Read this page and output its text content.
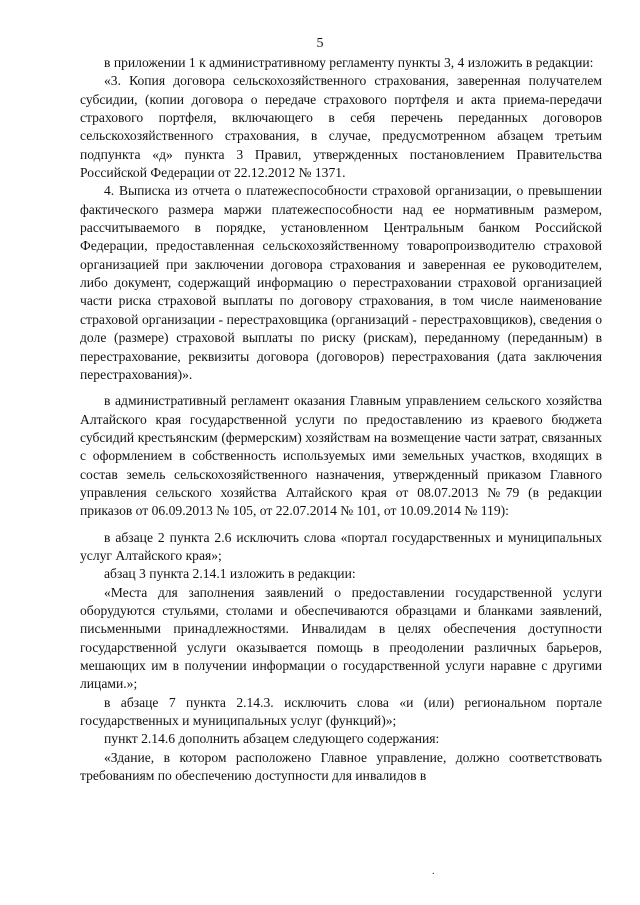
5

в приложении 1 к административному регламенту пункты 3, 4 изложить в редакции:

«3. Копия договора сельскохозяйственного страхования, заверенная получателем субсидии, (копии договора о передаче страхового портфеля и акта приема-передачи страхового портфеля, включающего в себя перечень переданных договоров сельскохозяйственного страхования, в случае, предусмотренном абзацем третьим подпункта «д» пункта 3 Правил, утвержденных постановлением Правительства Российской Федерации от 22.12.2012 № 1371.

4. Выписка из отчета о платежеспособности страховой организации, о превышении фактического размера маржи платежеспособности над ее нормативным размером, рассчитываемого в порядке, установленном Центральным банком Российской Федерации, предоставленная сельскохозяйственному товаропроизводителю страховой организацией при заключении договора страхования и заверенная ее руководителем, либо документ, содержащий информацию о перестраховании страховой организацией части риска страховой выплаты по договору страхования, в том числе наименование страховой организации - перестраховщика (организаций - перестраховщиков), сведения о доле (размере) страховой выплаты по риску (рискам), переданному (переданным) в перестрахование, реквизиты договора (договоров) перестрахования (дата заключения перестрахования)».

в административный регламент оказания Главным управлением сельского хозяйства Алтайского края государственной услуги по предоставлению из краевого бюджета субсидий крестьянским (фермерским) хозяйствам на возмещение части затрат, связанных с оформлением в собственность используемых ими земельных участков, входящих в состав земель сельскохозяйственного назначения, утвержденный приказом Главного управления сельского хозяйства Алтайского края от 08.07.2013 №79 (в редакции приказов от 06.09.2013 № 105, от 22.07.2014 № 101, от 10.09.2014 № 119):

в абзаце 2 пункта 2.6 исключить слова «портал государственных и муниципальных услуг Алтайского края»;

абзац 3 пункта 2.14.1 изложить в редакции:

«Места для заполнения заявлений о предоставлении государственной услуги оборудуются стульями, столами и обеспечиваются образцами и бланками заявлений, письменными принадлежностями. Инвалидам в целях обеспечения доступности государственной услуги оказывается помощь в преодолении различных барьеров, мешающих им в получении информации о государственной услуги наравне с другими лицами.»;

в абзаце 7 пункта 2.14.3. исключить слова «и (или) региональном портале государственных и муниципальных услуг (функций)»;

пункт 2.14.6 дополнить абзацем следующего содержания:

«Здание, в котором расположено Главное управление, должно соответствовать требованиям по обеспечению доступности для инвалидов в

.
